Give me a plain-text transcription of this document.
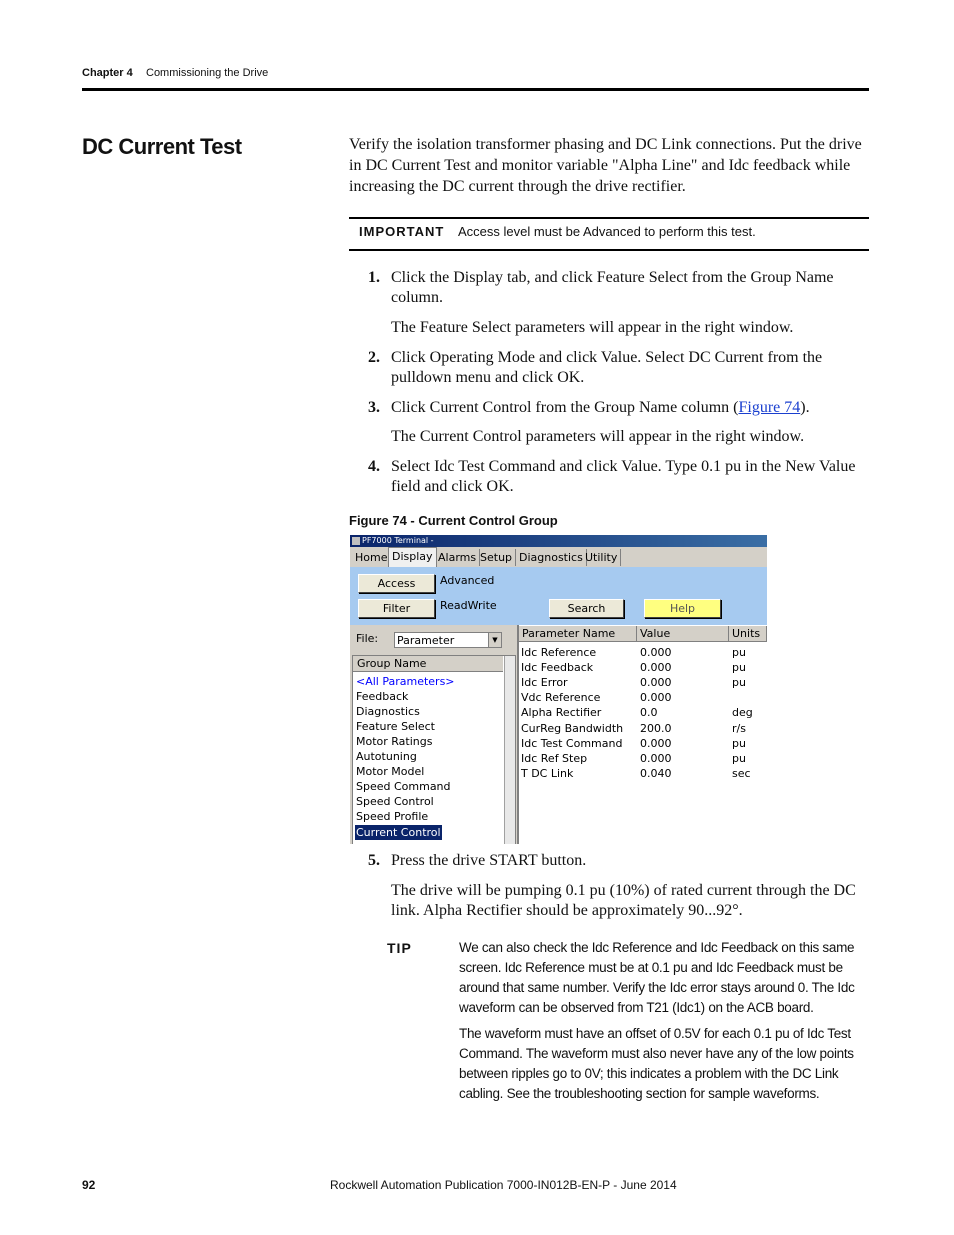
Chapter 4 Commissioning the Drive
DC Current Test	Verify the isolation transformer phasing and DC Link connections. Put the drive in DC Current Test and monitor variable "Alpha Line" and Idc feedback while increasing the DC current through the drive rectifier.
IMPORTANT Access level must be Advanced to perform this test.
1. Click the Display tab, and click Feature Select from the Group Name column.
The Feature Select parameters will appear in the right window.
2. Click Operating Mode and click Value. Select DC Current from the pulldown menu and click OK.
3. Click Current Control from the Group Name column (Figure 74).
The Current Control parameters will appear in the right window.
4. Select Idc Test Command and click Value. Type 0.1 pu in the New Value field and click OK.
Figure 74 - Current Control Group
PF7000 Terminal -
Home Display Alarms Setup Diagnostics Utility
Access	Advanced
Filter	ReadWrite	Search	Help
File: Parameter	▼
Group Name
<All Parameters>
Feedback
Diagnostics
Feature Select
Motor Ratings
Autotuning
Motor Model
Speed Command
Speed Control
Speed Profile
Current Control
Parameter Name	Value	Units
Idc Reference	0.000	pu
Idc Feedback	0.000	pu
Idc Error	0.000	pu
Vdc Reference	0.000
Alpha Rectifier	0.0	deg
CurReg Bandwidth 200.0	r/s
Idc Test Command 0.000	pu
Idc Ref Step	0.000	pu
T DC Link	0.040	sec
5. Press the drive START button.
The drive will be pumping 0.1 pu (10%) of rated current through the DC link. Alpha Rectifier should be approximately 90...92°.
TIP	We can also check the Idc Reference and Idc Feedback on this same screen. Idc Reference must be at 0.1 pu and Idc Feedback must be around that same number. Verify the Idc error stays around 0. The Idc waveform can be observed from T21 (Idc1) on the ACB board.
The waveform must have an offset of 0.5V for each 0.1 pu of Idc Test Command. The waveform must also never have any of the low points between ripples go to 0V; this indicates a problem with the DC Link cabling. See the troubleshooting section for sample waveforms.
92	Rockwell Automation Publication 7000-IN012B-EN-P - June 2014
